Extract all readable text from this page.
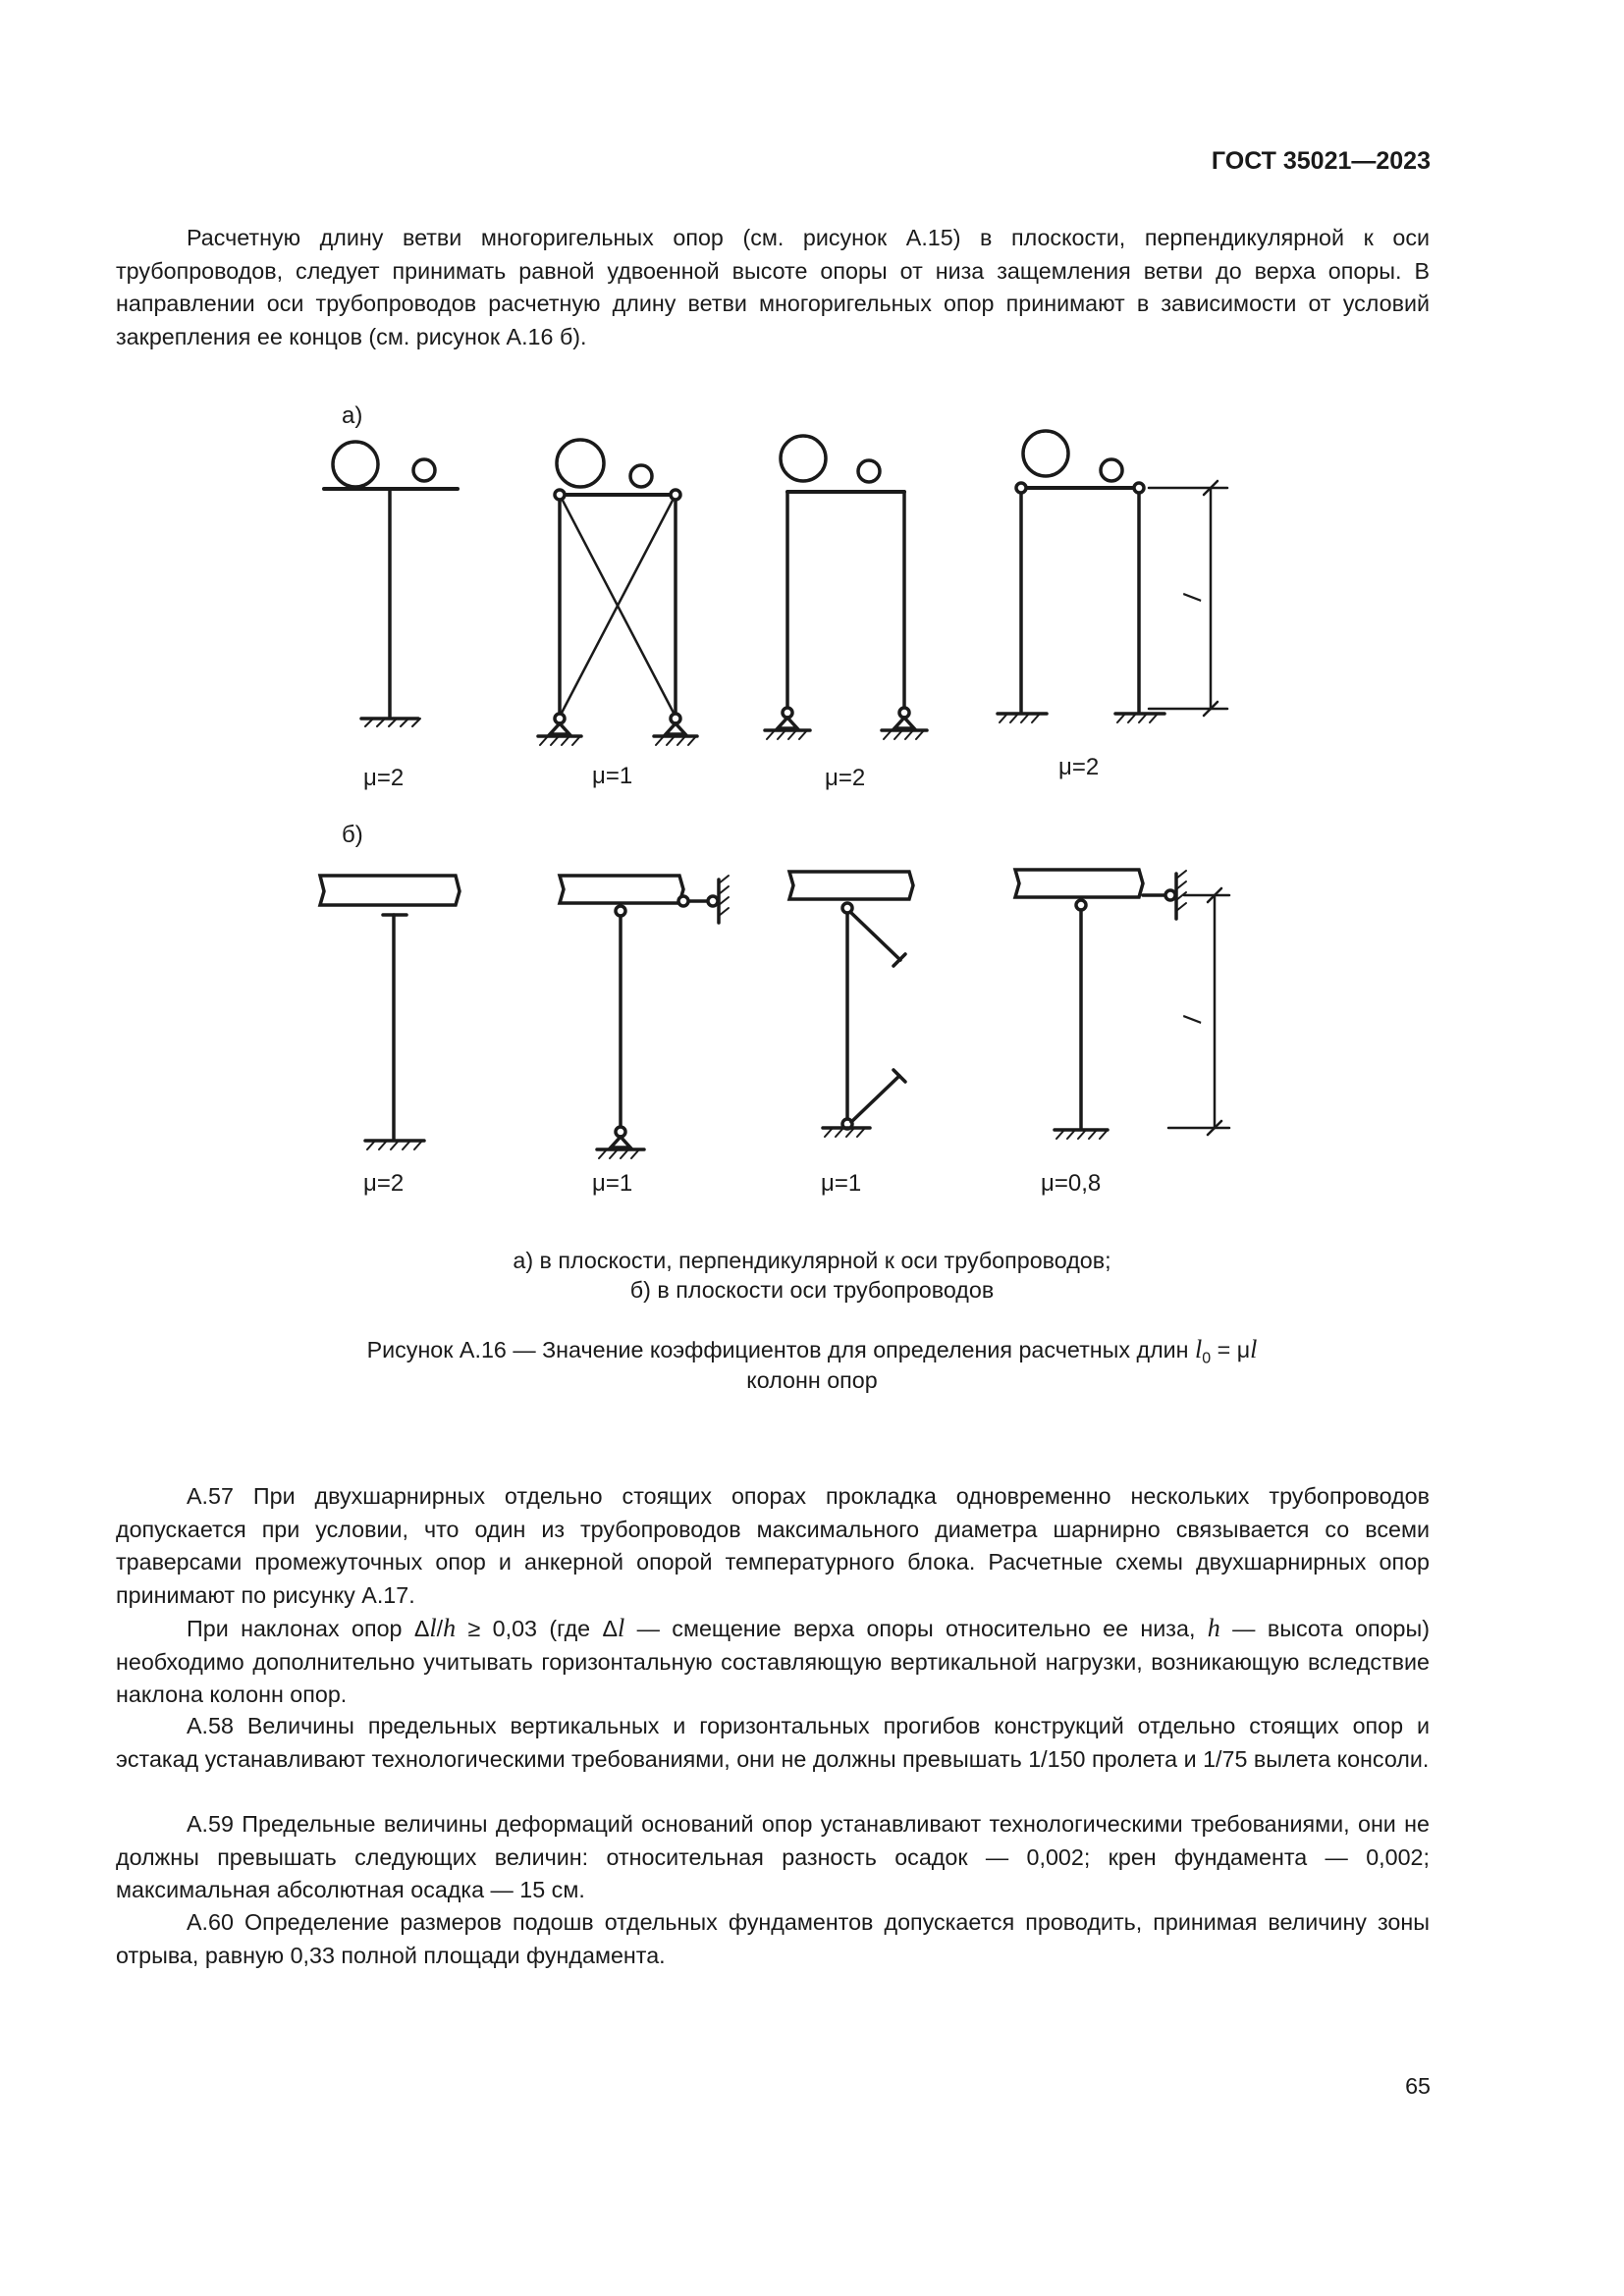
ГОСТ 35021—2023

Расчетную длину ветви многоригельных опор (см. рисунок А.15) в плоскости, перпендикулярной к оси трубопроводов, следует принимать равной удвоенной высоте опоры от низа защемления ветви до верха опоры. В направлении оси трубопроводов расчетную длину ветви многоригельных опор принимают в зависимости от условий закрепления ее концов (см. рисунок А.16 б).

а)
б)
l
μ=2	μ=1	μ=2	μ=2
l
μ=2	μ=1	μ=1	μ=0,8
а) в плоскости, перпендикулярной к оси трубопроводов;
б) в плоскости оси трубопроводов
Рисунок А.16 — Значение коэффициентов для определения расчетных длин $l_0 = \mu l$
колонн опор

А.57 При двухшарнирных отдельно стоящих опорах прокладка одновременно нескольких трубопроводов допускается при условии, что один из трубопроводов максимального диаметра шарнирно связывается со всеми траверсами промежуточных опор и анкерной опорой температурного блока. Расчетные схемы двухшарнирных опор принимают по рисунку А.17.

При наклонах опор Δl/h ≥ 0,03 (где Δl — смещение верха опоры относительно ее низа, h — высота опоры) необходимо дополнительно учитывать горизонтальную составляющую вертикальной нагрузки, возникающую вследствие наклона колонн опор.

А.58 Величины предельных вертикальных и горизонтальных прогибов конструкций отдельно стоящих опор и эстакад устанавливают технологическими требованиями, они не должны превышать 1/150 пролета и 1/75 вылета консоли.

А.59 Предельные величины деформаций оснований опор устанавливают технологическими требованиями, они не должны превышать следующих величин: относительная разность осадок — 0,002; крен фундамента — 0,002; максимальная абсолютная осадка — 15 см.

А.60 Определение размеров подошв отдельных фундаментов допускается проводить, принимая величину зоны отрыва, равную 0,33 полной площади фундамента.

65
